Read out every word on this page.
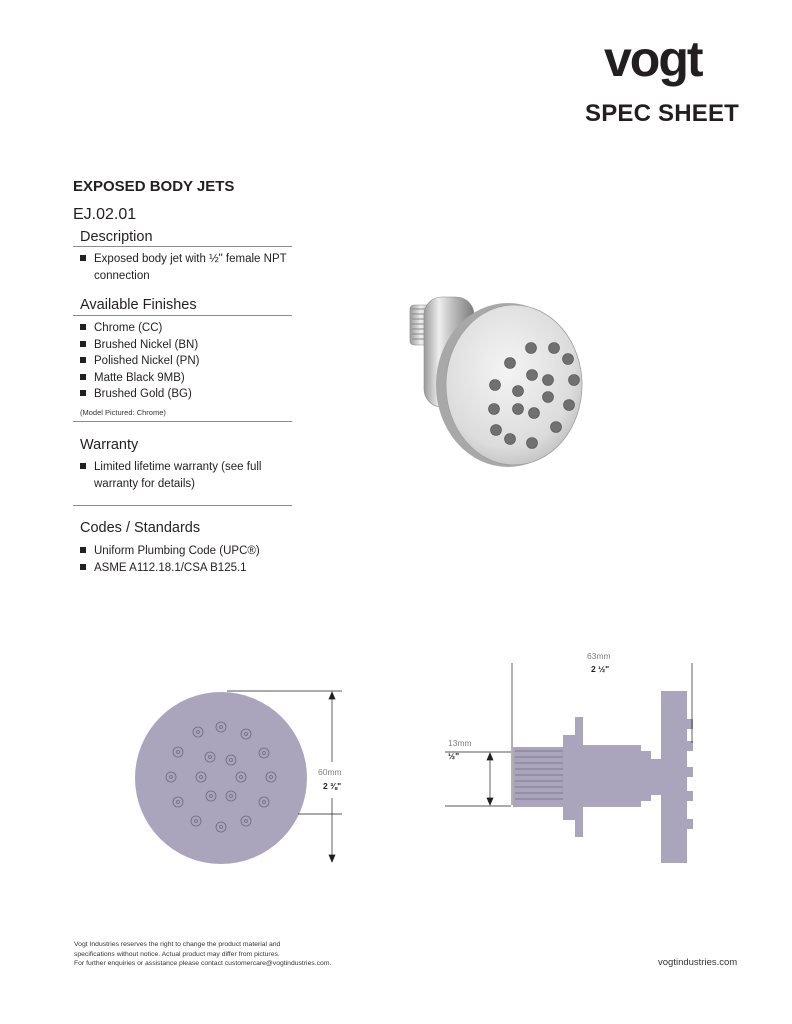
vogt
SPEC SHEET
EXPOSED BODY JETS
EJ.02.01
Description
Exposed body jet with ½" female NPT connection
Available Finishes
Chrome (CC)
Brushed Nickel (BN)
Polished Nickel (PN)
Matte Black 9MB)
Brushed Gold (BG)
(Model Pictured: Chrome)
Warranty
Limited lifetime warranty (see full warranty for details)
Codes / Standards
Uniform Plumbing Code (UPC®)
ASME A112.18.1/CSA B125.1
60mm
2 ⅜"
63mm
2 ½"
13mm
½"
Vogt Industries reserves the right to change the product material and
specifications without notice. Actual product may differ from pictures.
For further enquiries or assistance please contact customercare@vogtindustries.com.	vogtindustries.com
